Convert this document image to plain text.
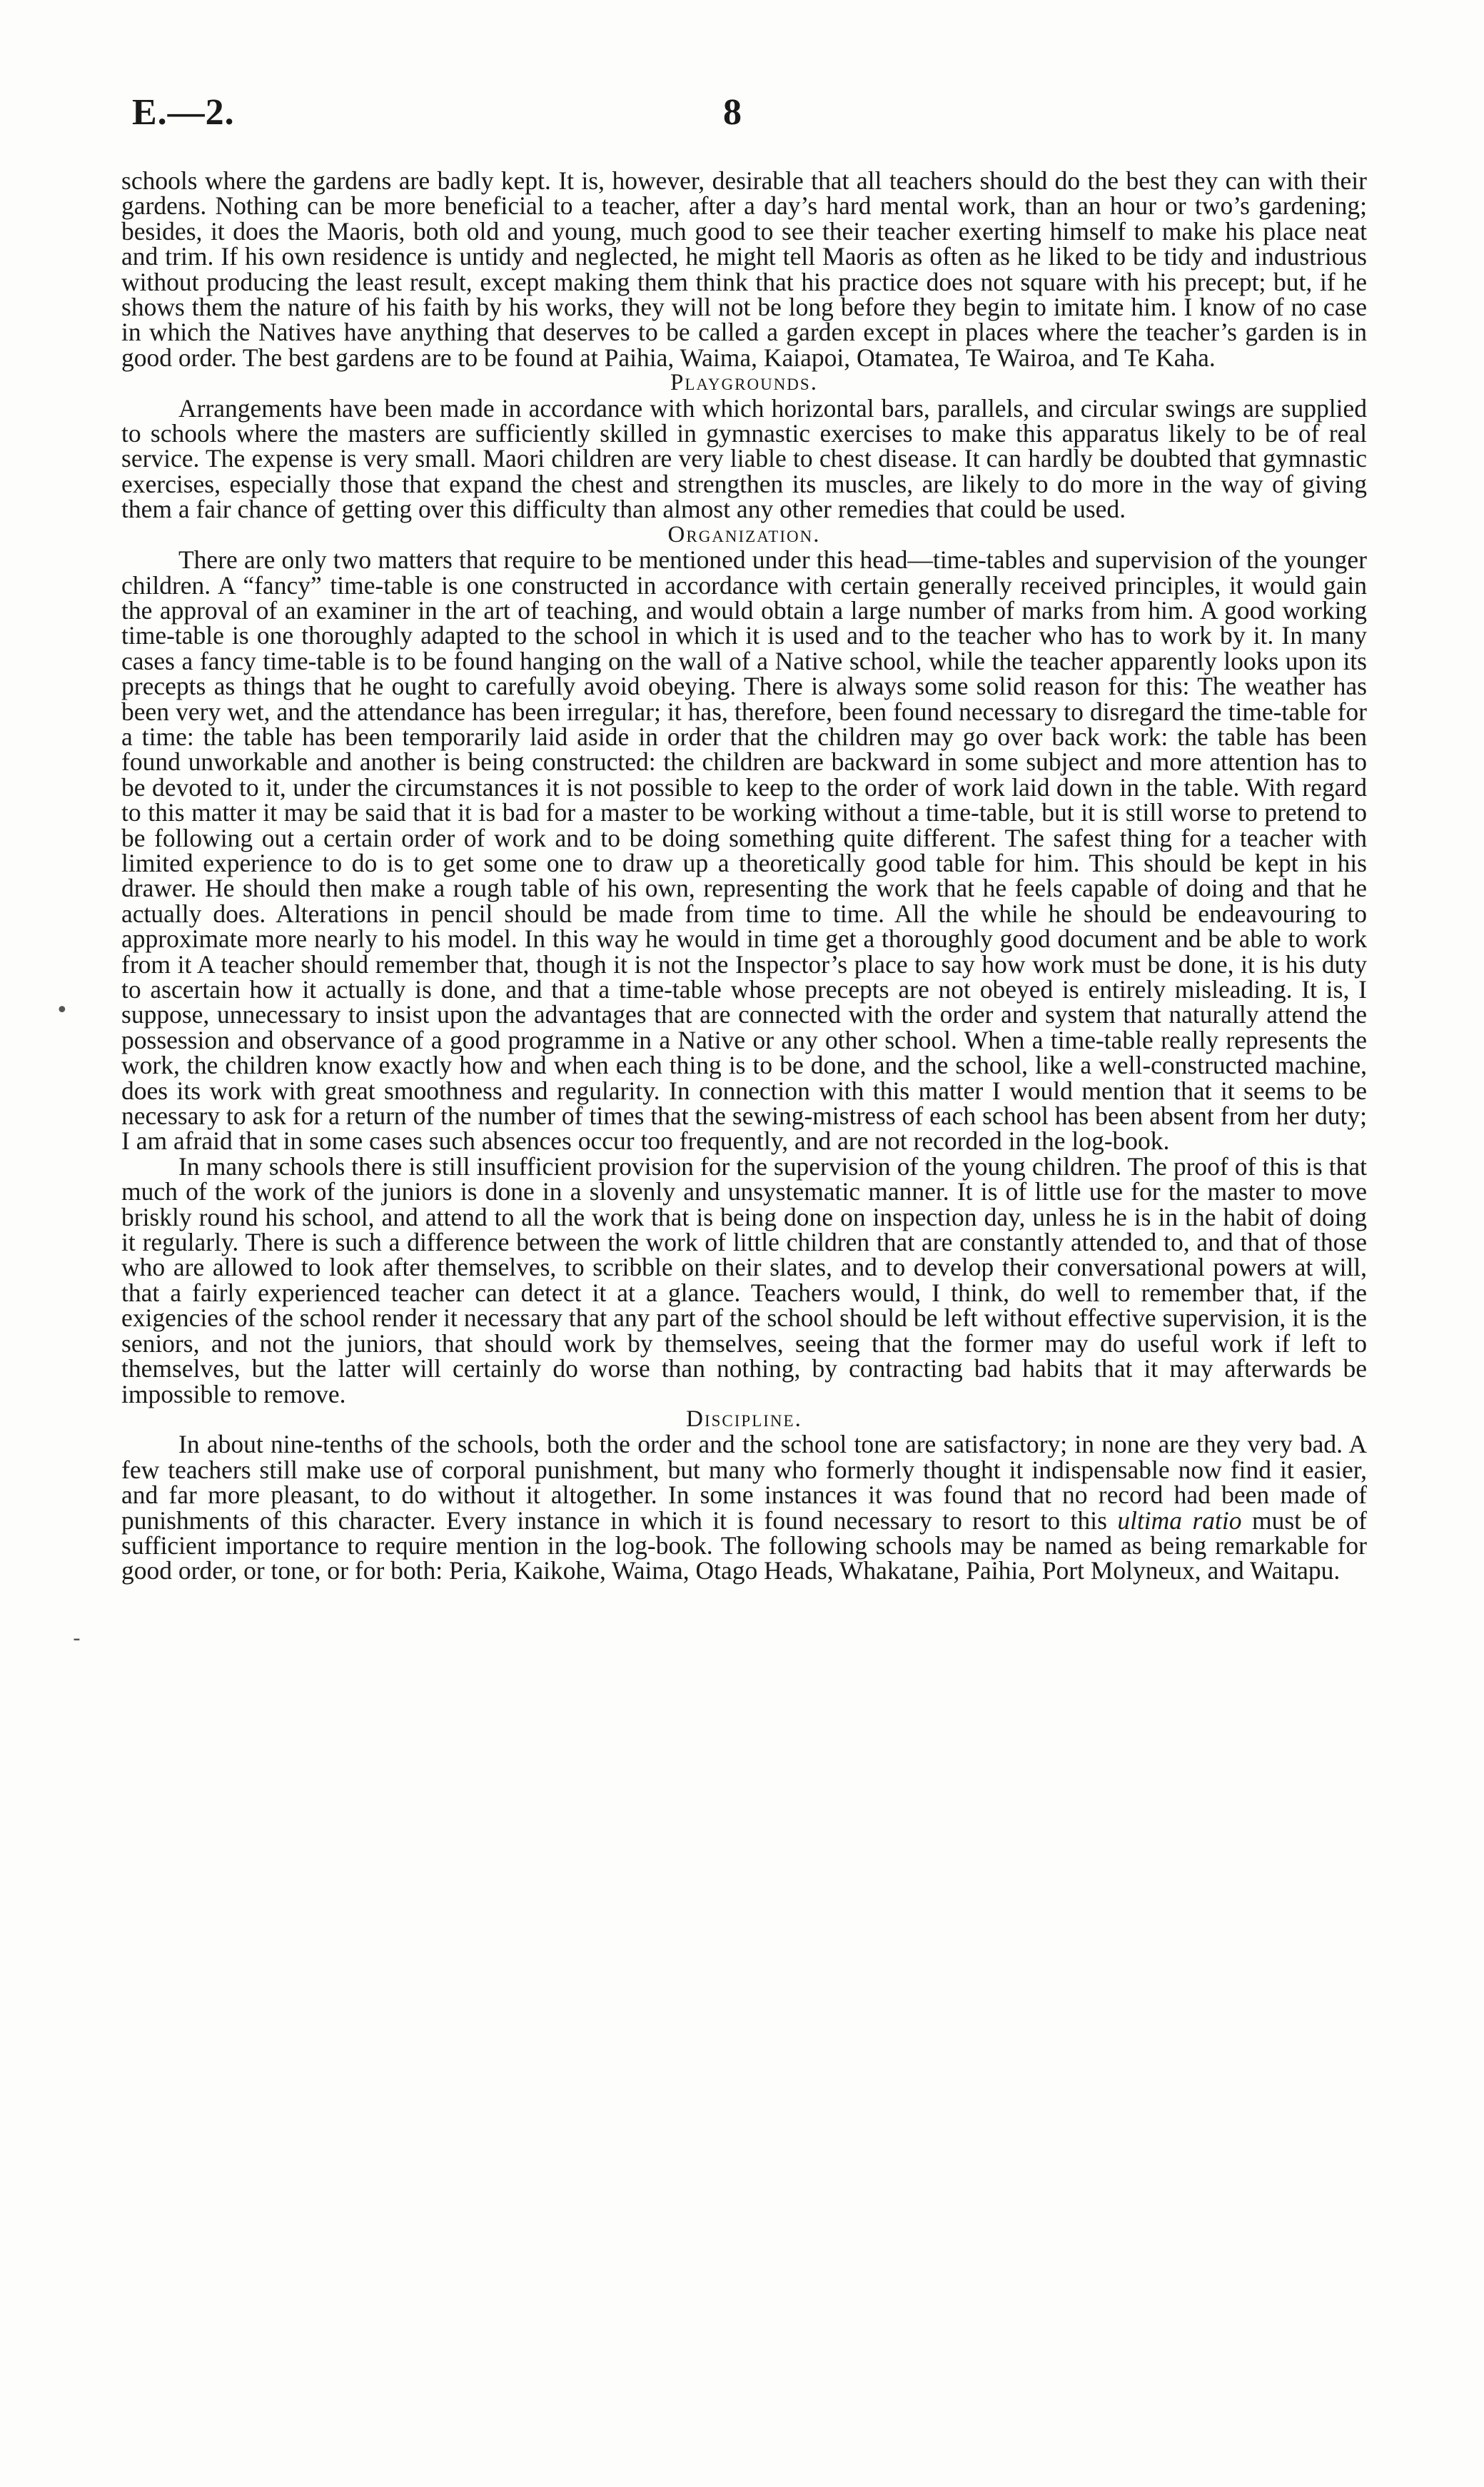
E.—2.	8
•
-

schools where the gardens are badly kept. It is, however, desirable that all teachers should do the best they can with their gardens. Nothing can be more beneficial to a teacher, after a day’s hard mental work, than an hour or two’s gardening; besides, it does the Maoris, both old and young, much good to see their teacher exerting himself to make his place neat and trim. If his own residence is untidy and neglected, he might tell Maoris as often as he liked to be tidy and industrious without producing the least result, except making them think that his practice does not square with his precept; but, if he shows them the nature of his faith by his works, they will not be long before they begin to imitate him. I know of no case in which the Natives have anything that deserves to be called a garden except in places where the teacher’s garden is in good order. The best gardens are to be found at Paihia, Waima, Kaiapoi, Otamatea, Te Wairoa, and Te Kaha.

Playgrounds.

Arrangements have been made in accordance with which horizontal bars, parallels, and circular swings are supplied to schools where the masters are sufficiently skilled in gymnastic exercises to make this apparatus likely to be of real service. The expense is very small. Maori children are very liable to chest disease. It can hardly be doubted that gymnastic exercises, especially those that expand the chest and strengthen its muscles, are likely to do more in the way of giving them a fair chance of getting over this difficulty than almost any other remedies that could be used.

Organization.

There are only two matters that require to be mentioned under this head—time-tables and supervision of the younger children. A “fancy” time-table is one constructed in accordance with certain generally received principles, it would gain the approval of an examiner in the art of teaching, and would obtain a large number of marks from him. A good working time-table is one thoroughly adapted to the school in which it is used and to the teacher who has to work by it. In many cases a fancy time-table is to be found hanging on the wall of a Native school, while the teacher apparently looks upon its precepts as things that he ought to carefully avoid obeying. There is always some solid reason for this: The weather has been very wet, and the attendance has been irregular; it has, therefore, been found necessary to disregard the time-table for a time: the table has been temporarily laid aside in order that the children may go over back work: the table has been found unworkable and another is being constructed: the children are backward in some subject and more attention has to be devoted to it, under the circumstances it is not possible to keep to the order of work laid down in the table. With regard to this matter it may be said that it is bad for a master to be working without a time-table, but it is still worse to pretend to be following out a certain order of work and to be doing something quite different. The safest thing for a teacher with limited experience to do is to get some one to draw up a theoretically good table for him. This should be kept in his drawer. He should then make a rough table of his own, representing the work that he feels capable of doing and that he actually does. Alterations in pencil should be made from time to time. All the while he should be endeavouring to approximate more nearly to his model. In this way he would in time get a thoroughly good document and be able to work from it A teacher should remember that, though it is not the Inspector’s place to say how work must be done, it is his duty to ascertain how it actually is done, and that a time-table whose precepts are not obeyed is entirely misleading. It is, I suppose, unnecessary to insist upon the advantages that are connected with the order and system that naturally attend the possession and observance of a good programme in a Native or any other school. When a time-table really represents the work, the children know exactly how and when each thing is to be done, and the school, like a well-constructed machine, does its work with great smoothness and regularity. In connection with this matter I would mention that it seems to be necessary to ask for a return of the number of times that the sewing-mistress of each school has been absent from her duty; I am afraid that in some cases such absences occur too frequently, and are not recorded in the log-book.

In many schools there is still insufficient provision for the supervision of the young children. The proof of this is that much of the work of the juniors is done in a slovenly and unsystematic manner. It is of little use for the master to move briskly round his school, and attend to all the work that is being done on inspection day, unless he is in the habit of doing it regularly. There is such a difference between the work of little children that are constantly attended to, and that of those who are allowed to look after themselves, to scribble on their slates, and to develop their conversational powers at will, that a fairly experienced teacher can detect it at a glance. Teachers would, I think, do well to remember that, if the exigencies of the school render it necessary that any part of the school should be left without effective supervision, it is the seniors, and not the juniors, that should work by themselves, seeing that the former may do useful work if left to themselves, but the latter will certainly do worse than nothing, by contracting bad habits that it may afterwards be impossible to remove.

Discipline.

In about nine-tenths of the schools, both the order and the school tone are satisfactory; in none are they very bad. A few teachers still make use of corporal punishment, but many who formerly thought it indispensable now find it easier, and far more pleasant, to do without it altogether. In some instances it was found that no record had been made of punishments of this character. Every instance in which it is found necessary to resort to this ultima ratio must be of sufficient importance to require mention in the log-book. The following schools may be named as being remarkable for good order, or tone, or for both: Peria, Kaikohe, Waima, Otago Heads, Whakatane, Paihia, Port Molyneux, and Waitapu.
